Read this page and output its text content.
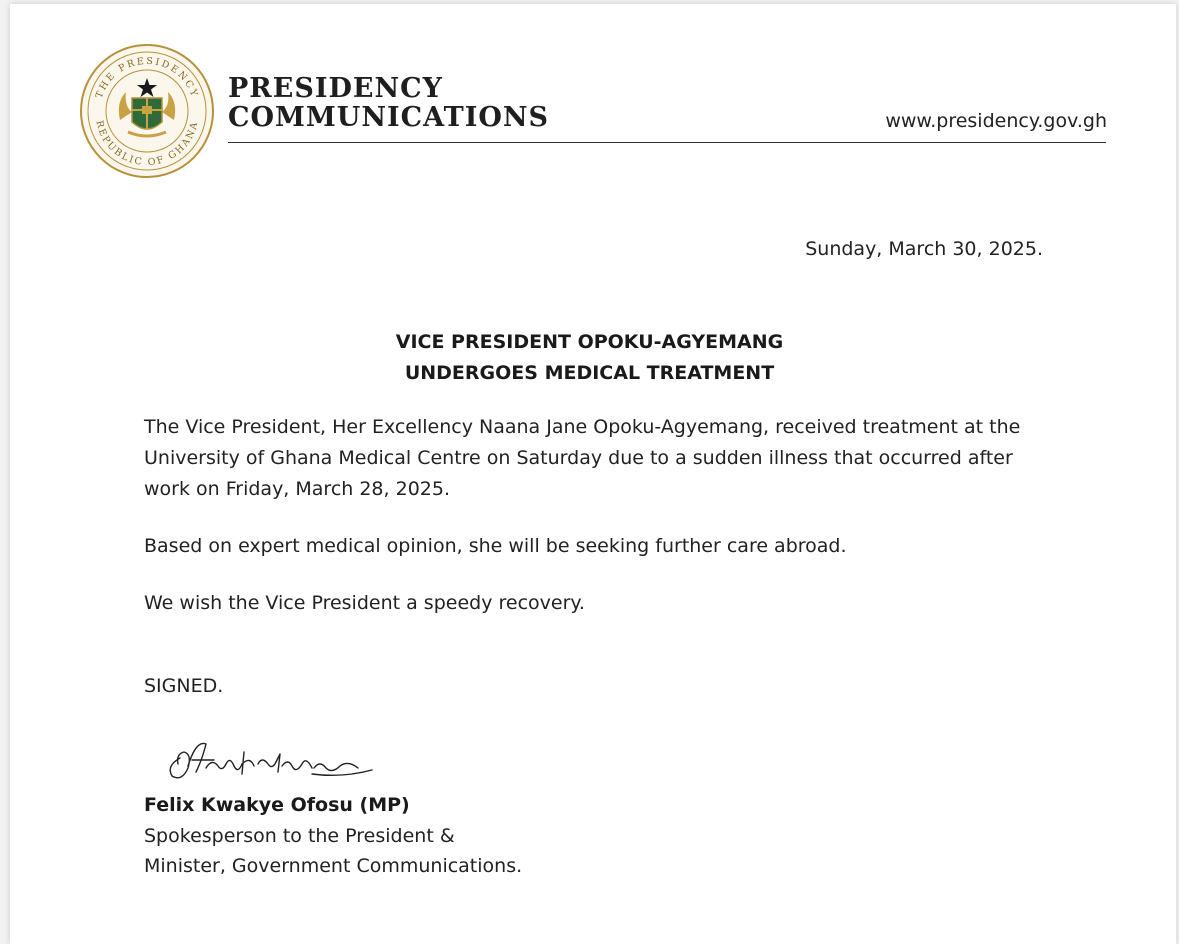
THE PRESIDENCY
REPUBLIC OF GHANA
PRESIDENCY
COMMUNICATIONS	www.presidency.gov.gh
Sunday, March 30, 2025.
VICE PRESIDENT OPOKU-AGYEMANG
UNDERGOES MEDICAL TREATMENT
The Vice President, Her Excellency Naana Jane Opoku-Agyemang, received treatment at the University of Ghana Medical Centre on Saturday due to a sudden illness that occurred after work on Friday, March 28, 2025.
Based on expert medical opinion, she will be seeking further care abroad.
We wish the Vice President a speedy recovery.
SIGNED.
Felix Kwakye Ofosu (MP)
Spokesperson to the President &
Minister, Government Communications.
